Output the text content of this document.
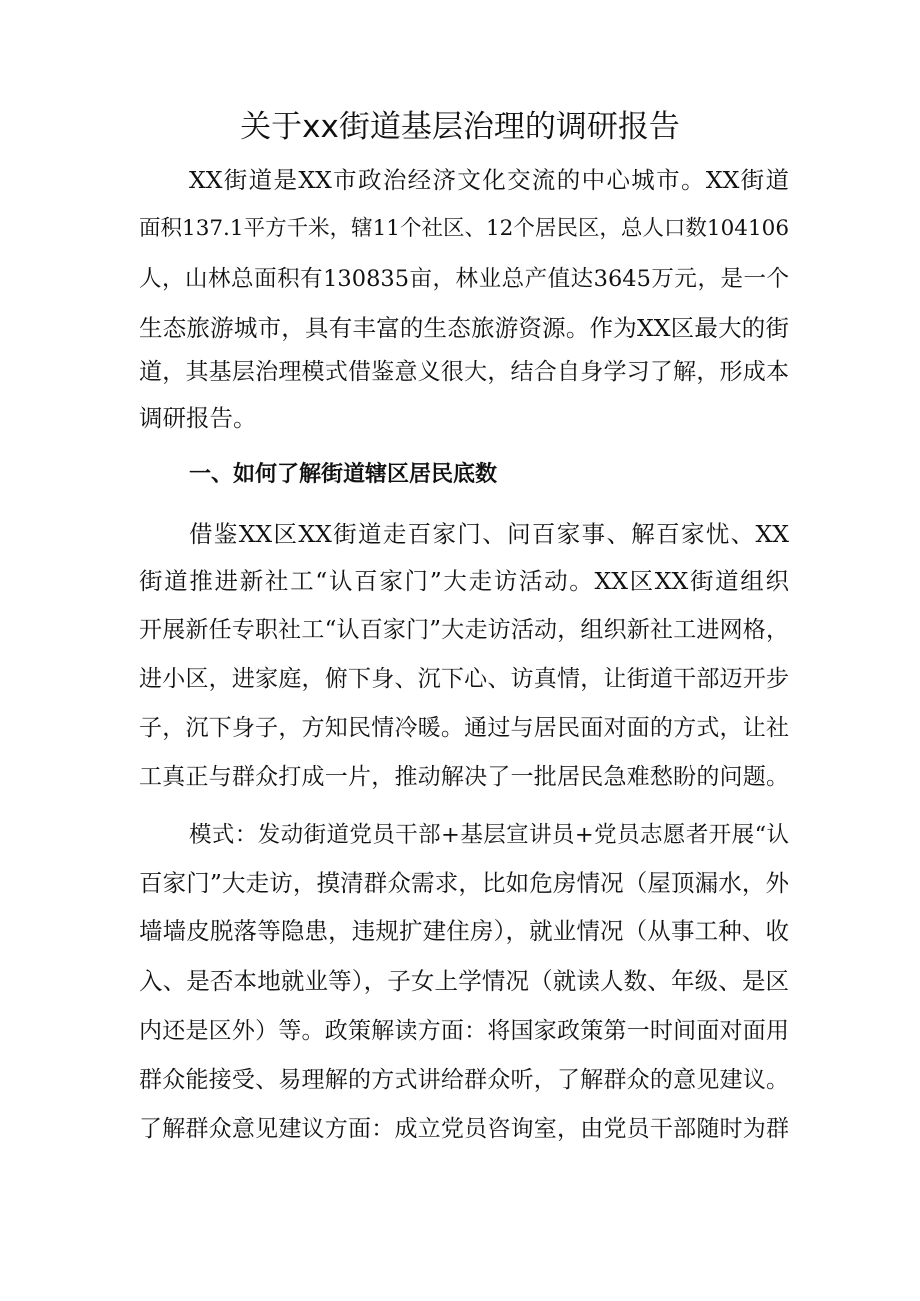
关于xx街道基层治理的调研报告
XX街道是XX市政治经济文化交流的中心城市。XX街道
面积137.1平方千米，辖11个社区、12个居民区，总人口数104106
人，山林总面积有130835亩，林业总产值达3645万元，是一个
生态旅游城市，具有丰富的生态旅游资源。作为XX区最大的街
道，其基层治理模式借鉴意义很大，结合自身学习了解，形成本
调研报告。
一、如何了解街道辖区居民底数
借鉴XX区XX街道走百家门、问百家事、解百家忧、XX
街道推进新社工“认百家门”大走访活动。XX区XX街道组织
开展新任专职社工“认百家门”大走访活动，组织新社工进网格，
进小区，进家庭，俯下身、沉下心、访真情，让街道干部迈开步
子，沉下身子，方知民情冷暖。通过与居民面对面的方式，让社
工真正与群众打成一片，推动解决了一批居民急难愁盼的问题。
模式：发动街道党员干部+基层宣讲员+党员志愿者开展“认
百家门”大走访，摸清群众需求，比如危房情况（屋顶漏水，外
墙墙皮脱落等隐患，违规扩建住房），就业情况（从事工种、收
入、是否本地就业等），子女上学情况（就读人数、年级、是区
内还是区外）等。政策解读方面：将国家政策第一时间面对面用
群众能接受、易理解的方式讲给群众听，了解群众的意见建议。
了解群众意见建议方面：成立党员咨询室，由党员干部随时为群
